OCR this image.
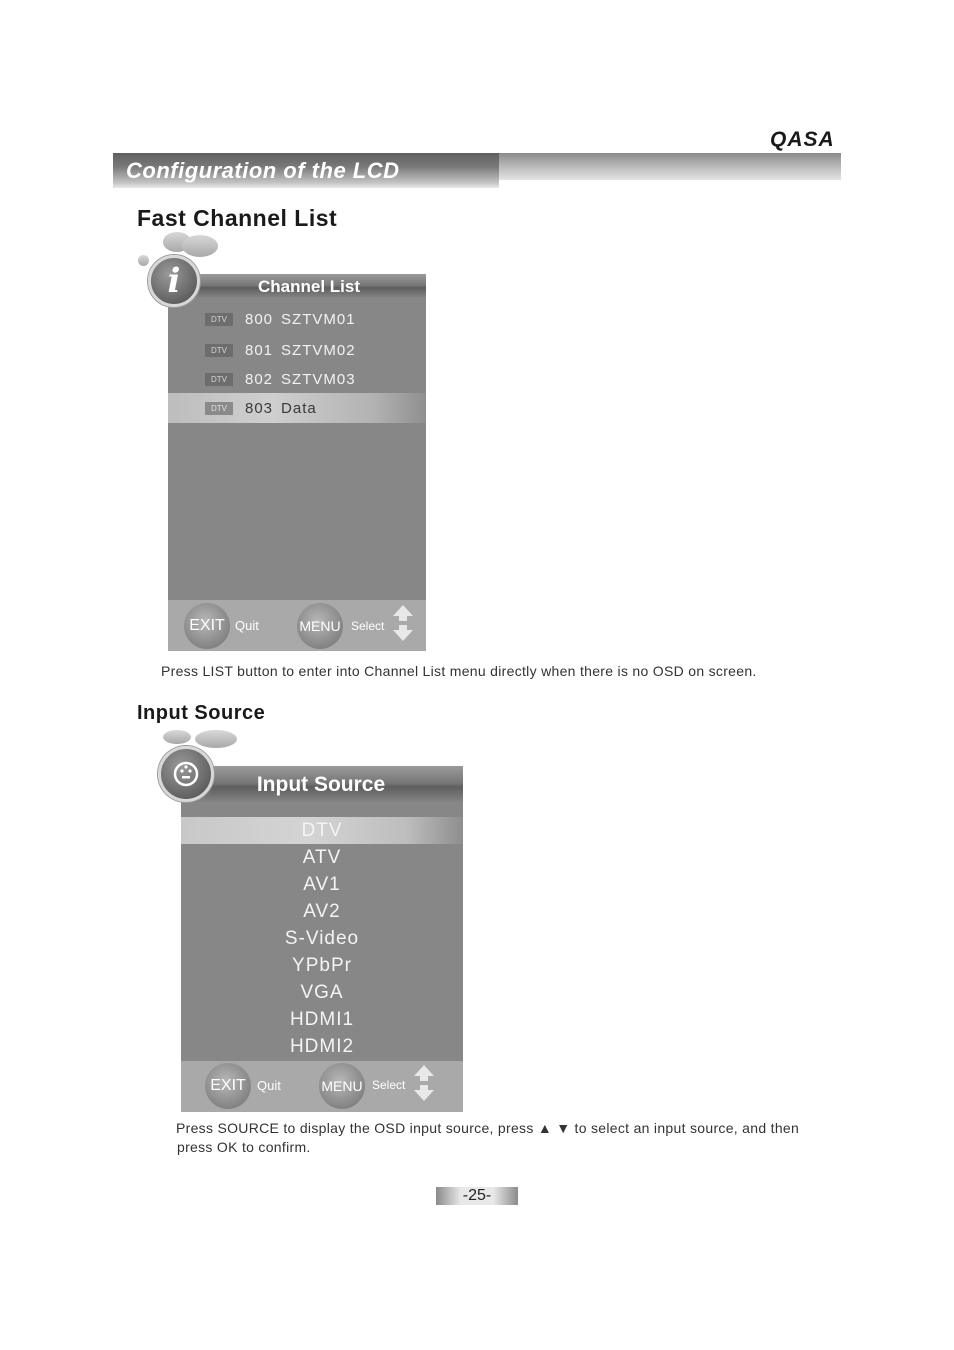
QASA
Configuration of the LCD
Fast Channel List
Channel List
DTV	800 SZTVM01
DTV	801 SZTVM02
DTV	802 SZTVM03
DTV	803 Data
EXIT Quit	MENU Select
i
Press LIST button to enter into Channel List menu directly when there is no OSD on screen.
Input Source
Input Source
DTV
ATV
AV1
AV2
S-Video
YPbPr
VGA
HDMI1
HDMI2
EXIT Quit	MENU Select
Press SOURCE to display the OSD input source, press ▲ ▼ to select an input source, and then
press OK to confirm.
-25-
